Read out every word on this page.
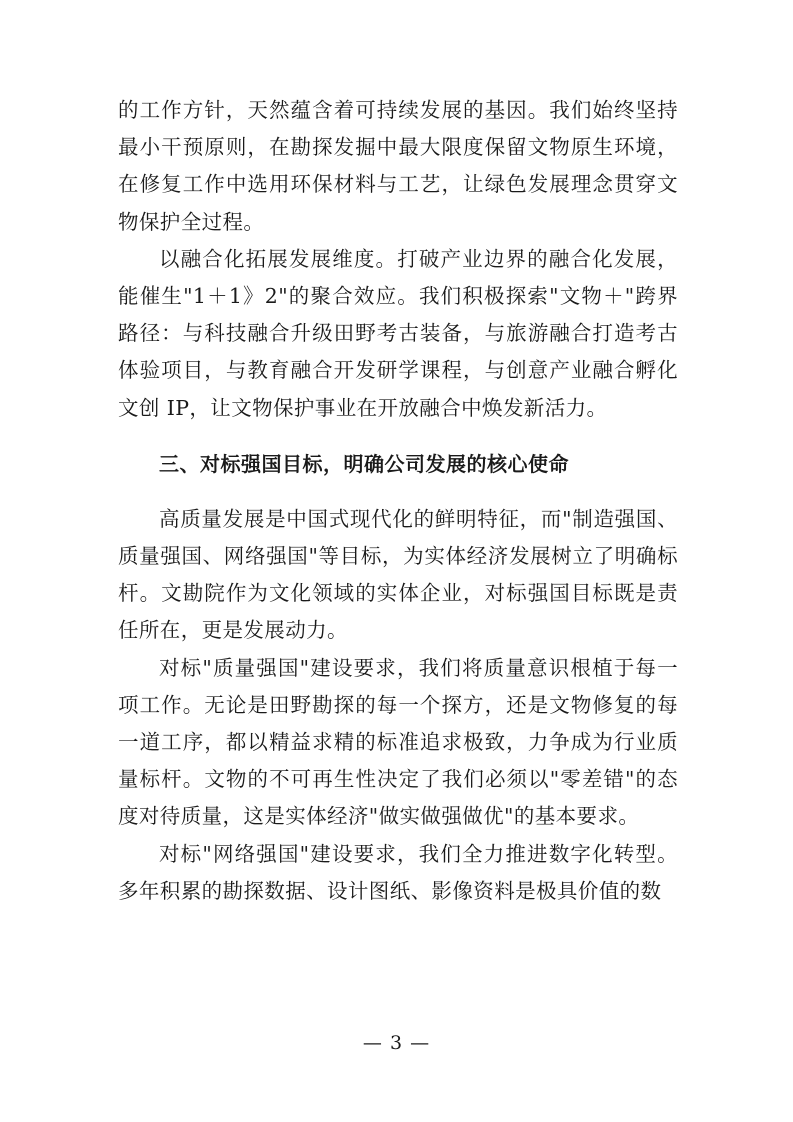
的工作方针，天然蕴含着可持续发展的基因。我们始终坚持最小干预原则，在勘探发掘中最大限度保留文物原生环境，在修复工作中选用环保材料与工艺，让绿色发展理念贯穿文物保护全过程。

以融合化拓展发展维度。打破产业边界的融合化发展，能催生"1＋1》2"的聚合效应。我们积极探索"文物＋"跨界路径：与科技融合升级田野考古装备，与旅游融合打造考古体验项目，与教育融合开发研学课程，与创意产业融合孵化文创 IP，让文物保护事业在开放融合中焕发新活力。

三、对标强国目标，明确公司发展的核心使命

高质量发展是中国式现代化的鲜明特征，而"制造强国、质量强国、网络强国"等目标，为实体经济发展树立了明确标杆。文勘院作为文化领域的实体企业，对标强国目标既是责任所在，更是发展动力。

对标"质量强国"建设要求，我们将质量意识根植于每一项工作。无论是田野勘探的每一个探方，还是文物修复的每一道工序，都以精益求精的标准追求极致，力争成为行业质量标杆。文物的不可再生性决定了我们必须以"零差错"的态度对待质量，这是实体经济"做实做强做优"的基本要求。

对标"网络强国"建设要求，我们全力推进数字化转型。多年积累的勘探数据、设计图纸、影像资料是极具价值的数

— 3 —
